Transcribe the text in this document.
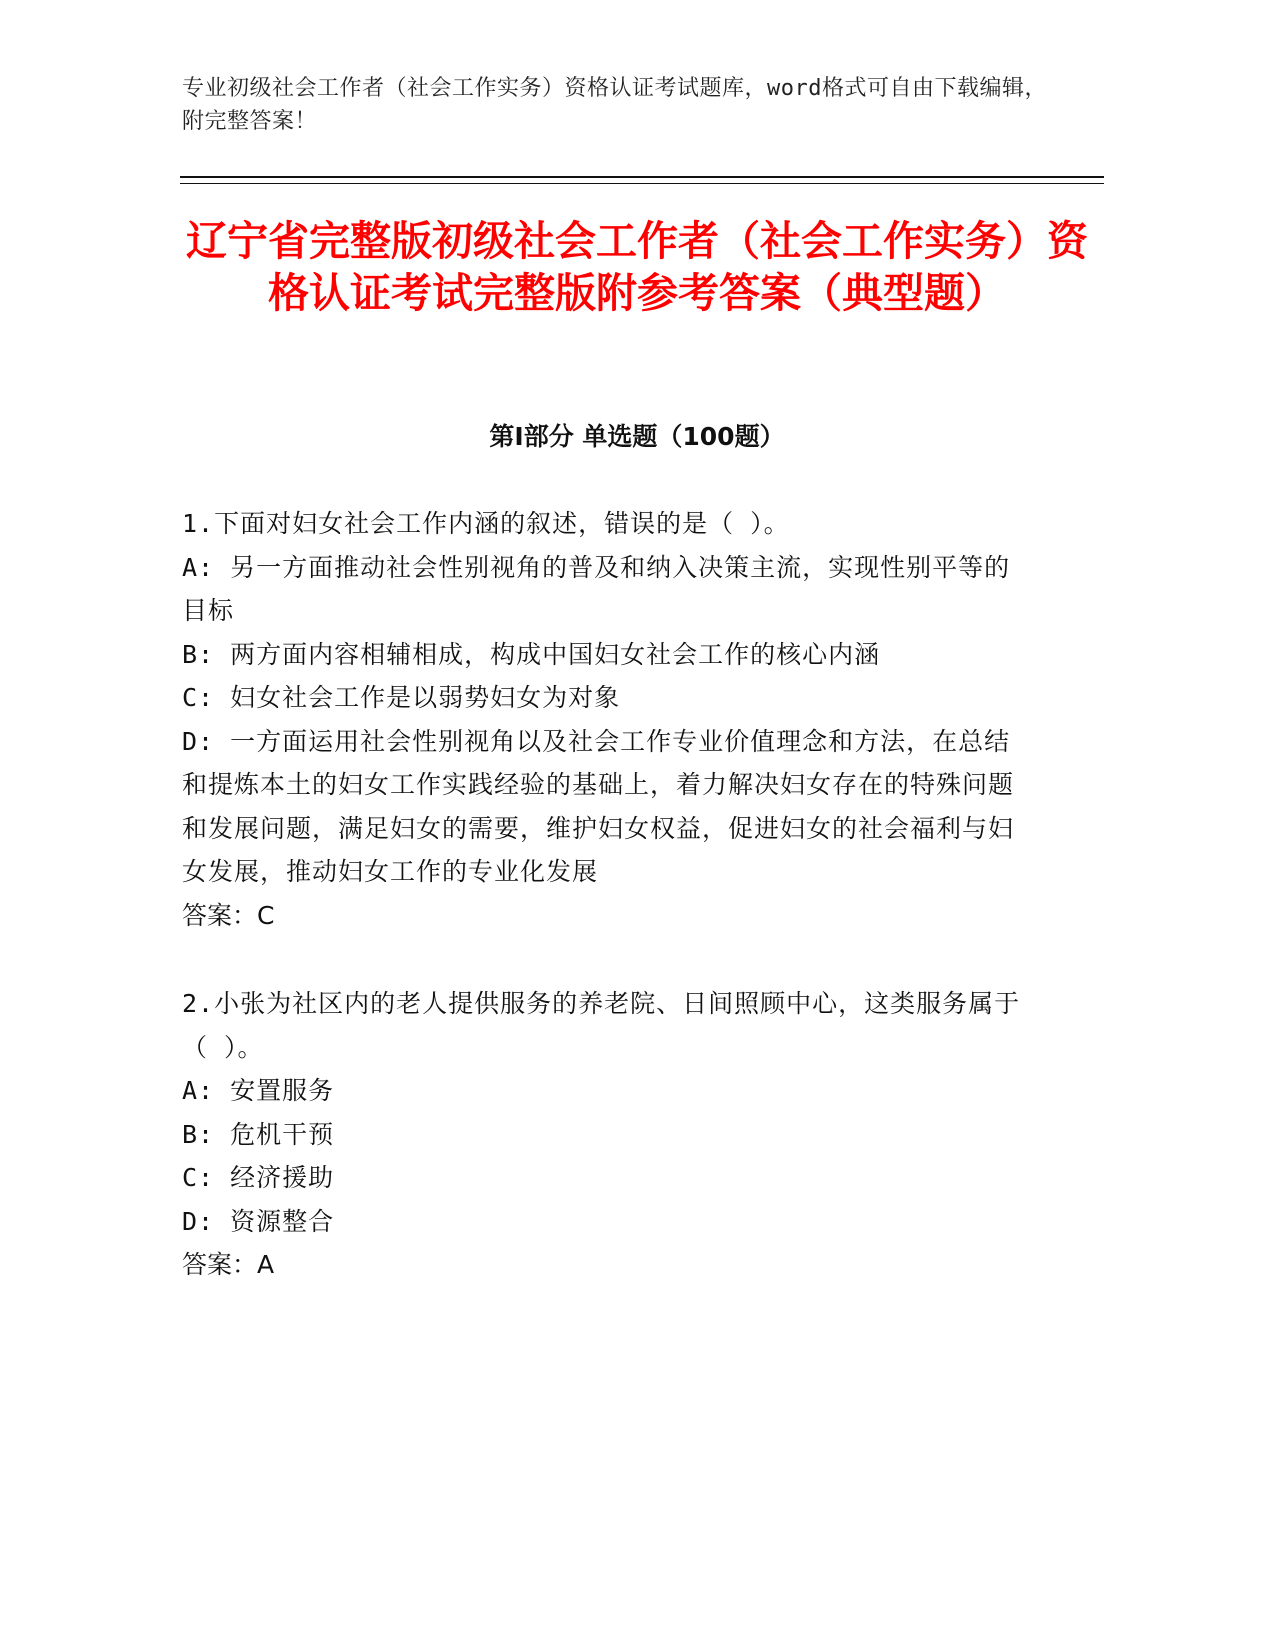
专业初级社会工作者（社会工作实务）资格认证考试题库，word格式可自由下载编辑，附完整答案！
辽宁省完整版初级社会工作者（社会工作实务）资格认证考试完整版附参考答案（典型题）
第Ⅰ部分 单选题（100题）
1.下面对妇女社会工作内涵的叙述，错误的是（ ）。
A: 另一方面推动社会性别视角的普及和纳入决策主流，实现性别平等的目标
B: 两方面内容相辅相成，构成中国妇女社会工作的核心内涵
C: 妇女社会工作是以弱势妇女为对象
D: 一方面运用社会性别视角以及社会工作专业价值理念和方法，在总结和提炼本土的妇女工作实践经验的基础上，着力解决妇女存在的特殊问题和发展问题，满足妇女的需要，维护妇女权益，促进妇女的社会福利与妇女发展，推动妇女工作的专业化发展
答案：C
2.小张为社区内的老人提供服务的养老院、日间照顾中心，这类服务属于（ ）。
A: 安置服务
B: 危机干预
C: 经济援助
D: 资源整合
答案：A
